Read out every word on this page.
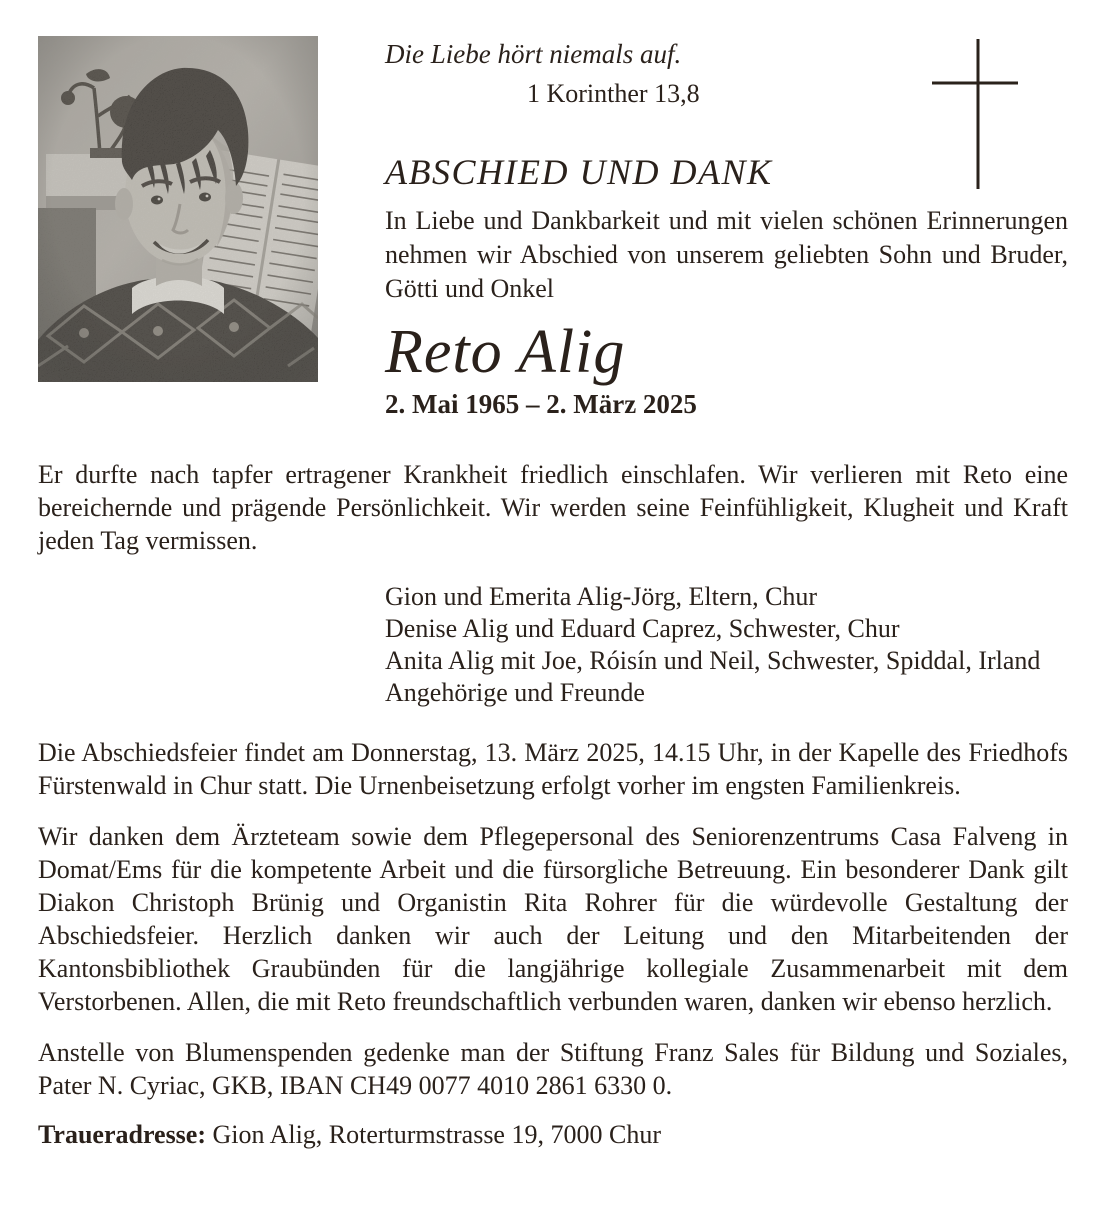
Die Liebe hört niemals auf.
1 Korinther 13,8
ABSCHIED UND DANK
In Liebe und Dankbarkeit und mit vielen schönen Erinnerungen nehmen wir Abschied von unserem geliebten Sohn und Bruder, Götti und Onkel
Reto Alig
2. Mai 1965 – 2. März 2025
Er durfte nach tapfer ertragener Krankheit friedlich einschlafen. Wir verlieren mit Reto eine bereichernde und prägende Persönlichkeit. Wir werden seine Feinfühligkeit, Klugheit und Kraft jeden Tag vermissen.
Gion und Emerita Alig-Jörg, Eltern, Chur
Denise Alig und Eduard Caprez, Schwester, Chur
Anita Alig mit Joe, Róisín und Neil, Schwester, Spiddal, Irland
Angehörige und Freunde
Die Abschiedsfeier findet am Donnerstag, 13. März 2025, 14.15 Uhr, in der Kapelle des Friedhofs Fürstenwald in Chur statt. Die Urnenbeisetzung erfolgt vorher im engsten Familienkreis.
Wir danken dem Ärzteteam sowie dem Pflegepersonal des Seniorenzentrums Casa Falveng in Domat/Ems für die kompetente Arbeit und die fürsorgliche Betreuung. Ein besonderer Dank gilt Diakon Christoph Brünig und Organistin Rita Rohrer für die würdevolle Gestaltung der Abschiedsfeier. Herzlich danken wir auch der Leitung und den Mitarbeitenden der Kantonsbibliothek Graubünden für die langjährige kollegiale Zusammenarbeit mit dem Verstorbenen. Allen, die mit Reto freundschaftlich verbunden waren, danken wir ebenso herzlich.
Anstelle von Blumenspenden gedenke man der Stiftung Franz Sales für Bildung und Soziales, Pater N. Cyriac, GKB, IBAN CH49 0077 4010 2861 6330 0.
Traueradresse: Gion Alig, Roterturmstrasse 19, 7000 Chur
